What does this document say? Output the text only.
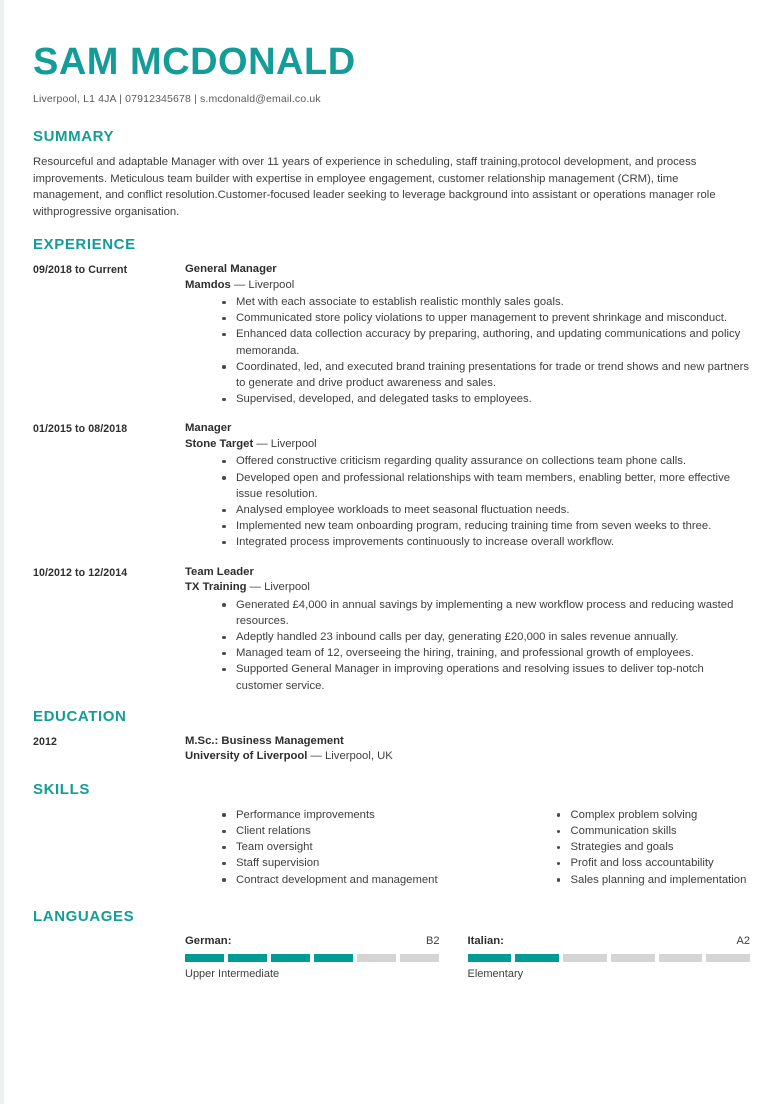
SAM MCDONALD
Liverpool, L1 4JA | 07912345678 | s.mcdonald@email.co.uk
SUMMARY

Resourceful and adaptable Manager with over 11 years of experience in scheduling, staff training,protocol development, and process improvements. Meticulous team builder with expertise in employee engagement, customer relationship management (CRM), time management, and conflict resolution.Customer-focused leader seeking to leverage background into assistant or operations manager role withprogressive organisation.

EXPERIENCE
09/2018 to Current	General Manager
Mamdos — Liverpool
Met with each associate to establish realistic monthly sales goals.
Communicated store policy violations to upper management to prevent shrinkage and misconduct.
Enhanced data collection accuracy by preparing, authoring, and updating communications and policy memoranda.
Coordinated, led, and executed brand training presentations for trade or trend shows and new partners to generate and drive product awareness and sales.
Supervised, developed, and delegated tasks to employees.
01/2015 to 08/2018	Manager
Stone Target — Liverpool
Offered constructive criticism regarding quality assurance on collections team phone calls.
Developed open and professional relationships with team members, enabling better, more effective issue resolution.
Analysed employee workloads to meet seasonal fluctuation needs.
Implemented new team onboarding program, reducing training time from seven weeks to three.
Integrated process improvements continuously to increase overall workflow.
10/2012 to 12/2014	Team Leader
TX Training — Liverpool
Generated £4,000 in annual savings by implementing a new workflow process and reducing wasted resources.
Adeptly handled 23 inbound calls per day, generating £20,000 in sales revenue annually.
Managed team of 12, overseeing the hiring, training, and professional growth of employees.
Supported General Manager in improving operations and resolving issues to deliver top-notch customer service.
EDUCATION
2012	M.Sc.: Business Management
University of Liverpool — Liverpool, UK
SKILLS
Performance improvements
Client relations
Team oversight
Staff supervision
Contract development and management
Complex problem solving
Communication skills
Strategies and goals
Profit and loss accountability
Sales planning and implementation
LANGUAGES
German:	B2
Upper Intermediate
Italian:	A2
Elementary
